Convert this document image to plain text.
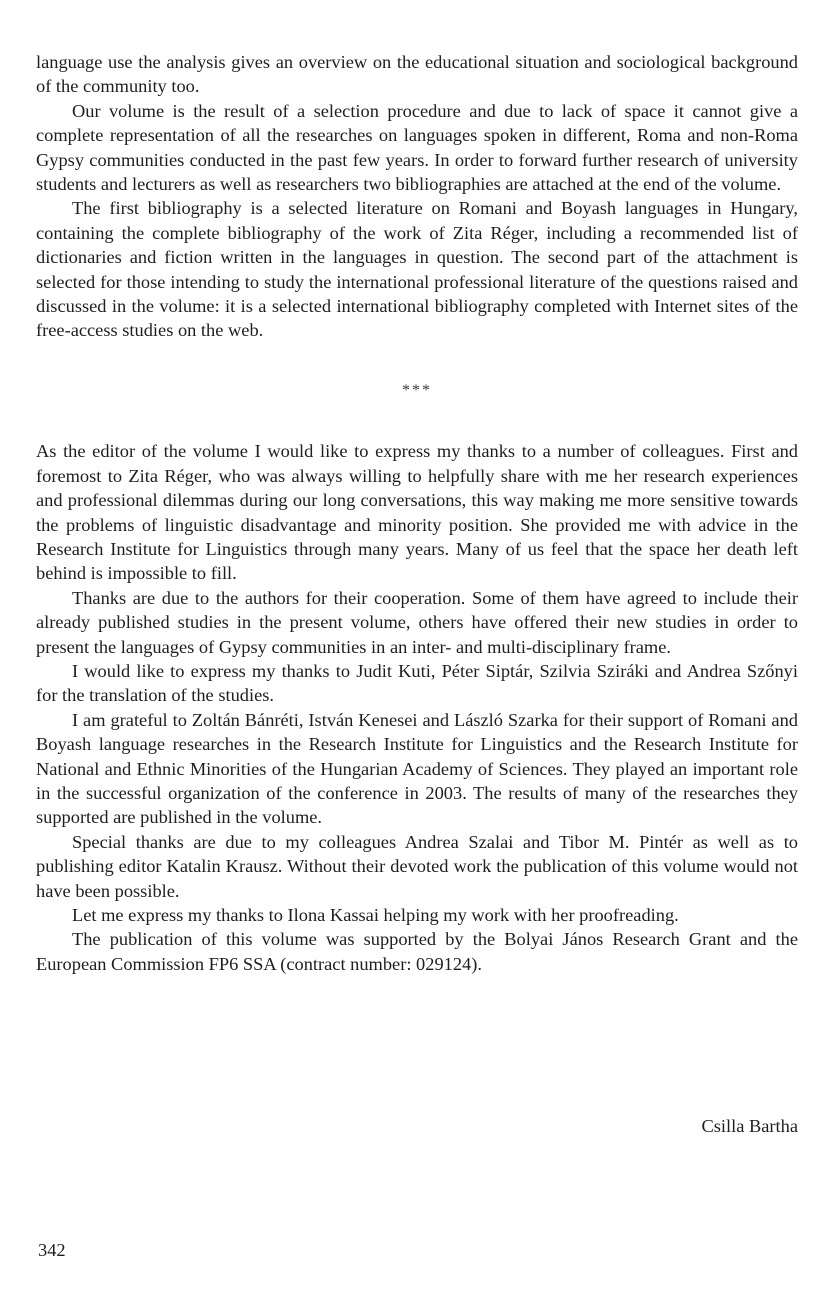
language use the analysis gives an overview on the educational situation and sociological background of the community too.

Our volume is the result of a selection procedure and due to lack of space it cannot give a complete representation of all the researches on languages spoken in different, Roma and non-Roma Gypsy communities conducted in the past few years. In order to forward further research of university students and lecturers as well as researchers two bibliographies are attached at the end of the volume.

The first bibliography is a selected literature on Romani and Boyash languages in Hungary, containing the complete bibliography of the work of Zita Réger, including a recommended list of dictionaries and fiction written in the languages in question. The second part of the attachment is selected for those intending to study the international professional literature of the questions raised and discussed in the volume: it is a selected international bibliography completed with Internet sites of the free-access studies on the web.

***

As the editor of the volume I would like to express my thanks to a number of colleagues. First and foremost to Zita Réger, who was always willing to helpfully share with me her research experiences and professional dilemmas during our long conversations, this way making me more sensitive towards the problems of linguistic disadvantage and minority position. She provided me with advice in the Research Institute for Linguistics through many years. Many of us feel that the space her death left behind is impossible to fill.

Thanks are due to the authors for their cooperation. Some of them have agreed to include their already published studies in the present volume, others have offered their new studies in order to present the languages of Gypsy communities in an inter- and multi-disciplinary frame.

I would like to express my thanks to Judit Kuti, Péter Siptár, Szilvia Sziráki and Andrea Szőnyi for the translation of the studies.

I am grateful to Zoltán Bánréti, István Kenesei and László Szarka for their support of Romani and Boyash language researches in the Research Institute for Linguistics and the Research Institute for National and Ethnic Minorities of the Hungarian Academy of Sciences. They played an important role in the successful organization of the conference in 2003. The results of many of the researches they supported are published in the volume.

Special thanks are due to my colleagues Andrea Szalai and Tibor M. Pintér as well as to publishing editor Katalin Krausz. Without their devoted work the publication of this volume would not have been possible.

Let me express my thanks to Ilona Kassai helping my work with her proofreading.

The publication of this volume was supported by the Bolyai János Research Grant and the European Commission FP6 SSA (contract number: 029124).

Csilla Bartha
342
